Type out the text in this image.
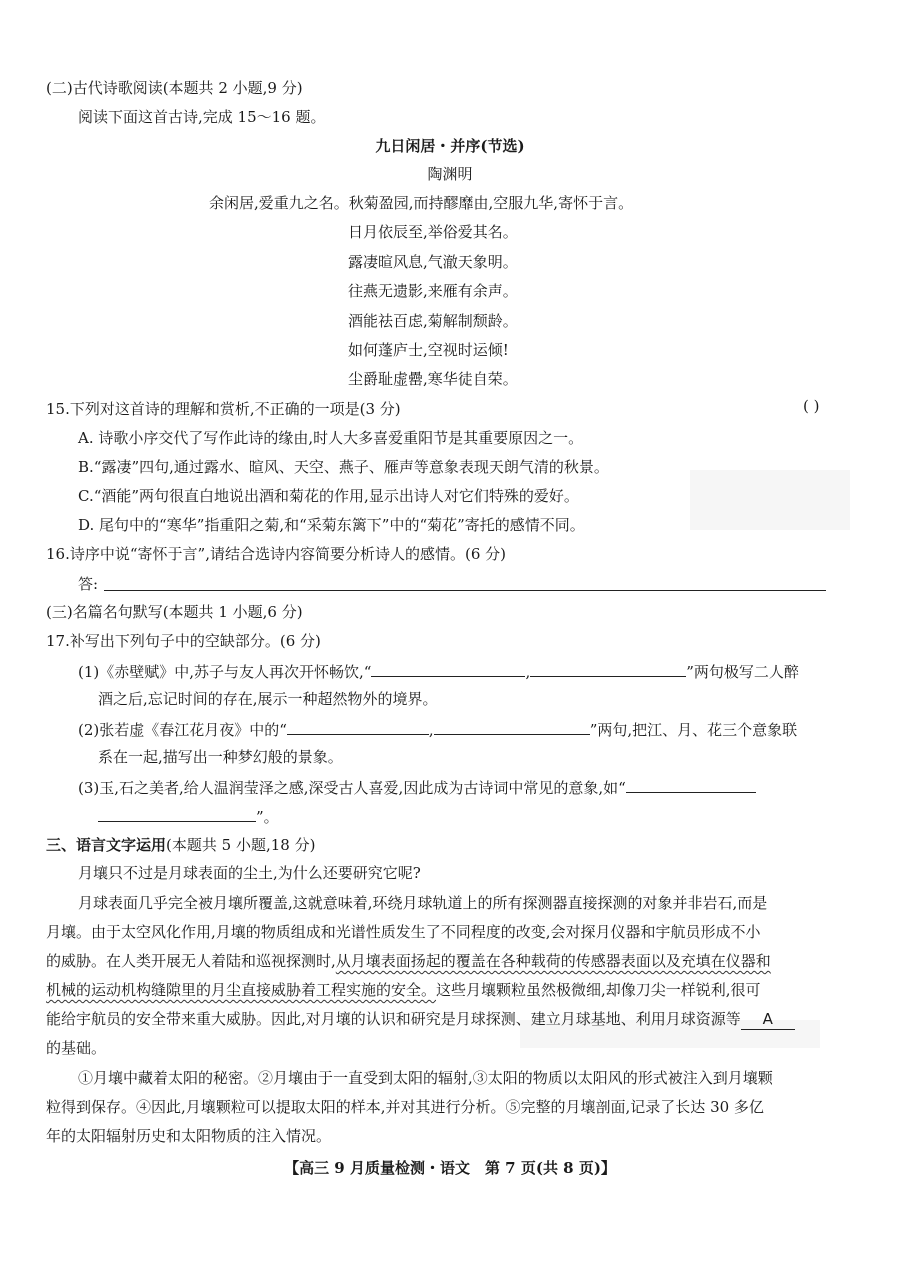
(二)古代诗歌阅读(本题共 2 小题,9 分)
阅读下面这首古诗,完成 15～16 题。
九日闲居・并序(节选)
陶渊明
余闲居,爱重九之名。秋菊盈园,而持醪靡由,空服九华,寄怀于言。
日月依辰至,举俗爱其名。
露凄暄风息,气澈天象明。
往燕无遗影,来雁有余声。
酒能祛百虑,菊解制颓龄。
如何蓬庐士,空视时运倾!
尘爵耻虚罍,寒华徒自荣。
15.下列对这首诗的理解和赏析,不正确的一项是(3 分)	( )
A. 诗歌小序交代了写作此诗的缘由,时人大多喜爱重阳节是其重要原因之一。
B.“露凄”四句,通过露水、暄风、天空、燕子、雁声等意象表现天朗气清的秋景。
C.“酒能”两句很直白地说出酒和菊花的作用,显示出诗人对它们特殊的爱好。
D. 尾句中的“寒华”指重阳之菊,和“采菊东篱下”中的“菊花”寄托的感情不同。
16.诗序中说“寄怀于言”,请结合选诗内容简要分析诗人的感情。(6 分)
答:
(三)名篇名句默写(本题共 1 小题,6 分)
17.补写出下列句子中的空缺部分。(6 分)
(1)《赤壁赋》中,苏子与友人再次开怀畅饮,“	,	”两句极写二人醉
酒之后,忘记时间的存在,展示一种超然物外的境界。
(2)张若虚《春江花月夜》中的“	,	”两句,把江、月、花三个意象联
系在一起,描写出一种梦幻般的景象。
(3)玉,石之美者,给人温润莹泽之感,深受古人喜爱,因此成为古诗词中常见的意象,如“
”。
三、语言文字运用(本题共 5 小题,18 分)
月壤只不过是月球表面的尘土,为什么还要研究它呢?
月球表面几乎完全被月壤所覆盖,这就意味着,环绕月球轨道上的所有探测器直接探测的对象并非岩石,而是
月壤。由于太空风化作用,月壤的物质组成和光谱性质发生了不同程度的改变,会对探月仪器和宇航员形成不小
的威胁。在人类开展无人着陆和巡视探测时,从月壤表面扬起的覆盖在各种载荷的传感器表面以及充填在仪器和
机械的运动机构缝隙里的月尘直接威胁着工程实施的安全。这些月壤颗粒虽然极微细,却像刀尖一样锐利,很可
能给宇航员的安全带来重大威胁。因此,对月壤的认识和研究是月球探测、建立月球基地、利用月球资源等 A
的基础。
①月壤中藏着太阳的秘密。②月壤由于一直受到太阳的辐射,③太阳的物质以太阳风的形式被注入到月壤颗
粒得到保存。④因此,月壤颗粒可以提取太阳的样本,并对其进行分析。⑤完整的月壤剖面,记录了长达 30 多亿
年的太阳辐射历史和太阳物质的注入情况。
【高三 9 月质量检测・语文　第 7 页(共 8 页)】
